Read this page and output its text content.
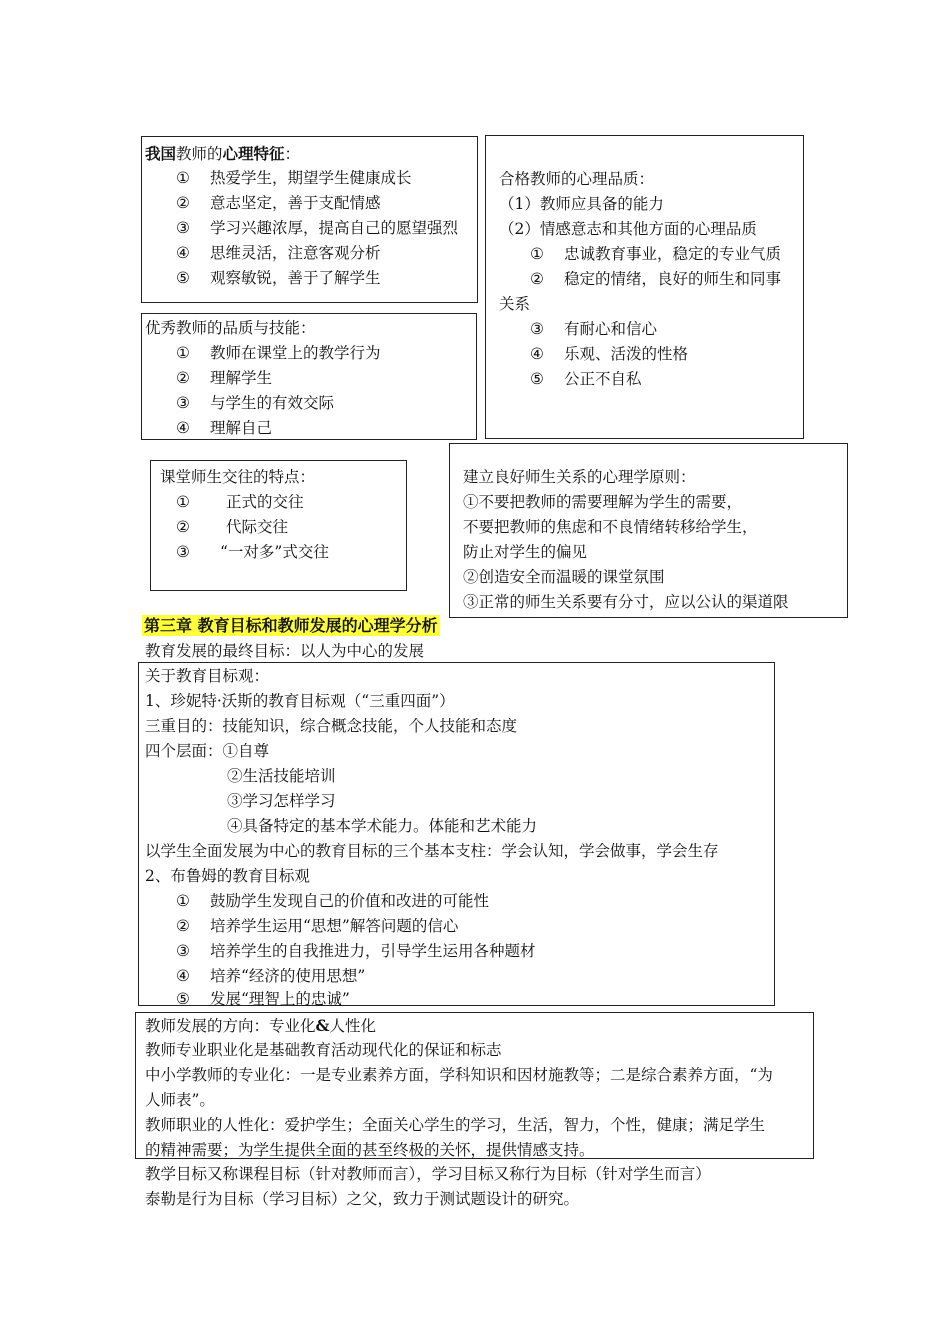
我国教师的心理特征：
① 热爱学生，期望学生健康成长
② 意志坚定，善于支配情感
③ 学习兴趣浓厚，提高自己的愿望强烈
④ 思维灵活，注意客观分析
⑤ 观察敏锐，善于了解学生
合格教师的心理品质：
（1）教师应具备的能力
（2）情感意志和其他方面的心理品质
① 忠诚教育事业，稳定的专业气质
② 稳定的情绪，良好的师生和同事
关系
③ 有耐心和信心
④ 乐观、活泼的性格
⑤ 公正不自私
优秀教师的品质与技能：
① 教师在课堂上的教学行为
② 理解学生
③ 与学生的有效交际
④ 理解自己
课堂师生交往的特点：
① 正式的交往
② 代际交往
③ “一对多”式交往
建立良好师生关系的心理学原则：
①不要把教师的需要理解为学生的需要，
不要把教师的焦虑和不良情绪转移给学生，
防止对学生的偏见
②创造安全而温暖的课堂氛围
③正常的师生关系要有分寸，应以公认的渠道限
第三章 教育目标和教师发展的心理学分析
教育发展的最终目标：以人为中心的发展
关于教育目标观：
1、珍妮特·沃斯的教育目标观（“三重四面”）
三重目的：技能知识，综合概念技能，个人技能和态度
四个层面：①自尊
②生活技能培训
③学习怎样学习
④具备特定的基本学术能力。体能和艺术能力
以学生全面发展为中心的教育目标的三个基本支柱：学会认知，学会做事，学会生存
2、布鲁姆的教育目标观
① 鼓励学生发现自己的价值和改进的可能性
② 培养学生运用“思想”解答问题的信心
③ 培养学生的自我推进力，引导学生运用各种题材
④ 培养“经济的使用思想”
⑤ 发展“理智上的忠诚”
教师发展的方向：专业化&人性化
教师专业职业化是基础教育活动现代化的保证和标志
中小学教师的专业化：一是专业素养方面，学科知识和因材施教等；二是综合素养方面，“为
人师表”。
教师职业的人性化：爱护学生；全面关心学生的学习，生活，智力，个性，健康；满足学生
的精神需要；为学生提供全面的甚至终极的关怀，提供情感支持。
教学目标又称课程目标（针对教师而言），学习目标又称行为目标（针对学生而言）
泰勒是行为目标（学习目标）之父，致力于测试题设计的研究。
